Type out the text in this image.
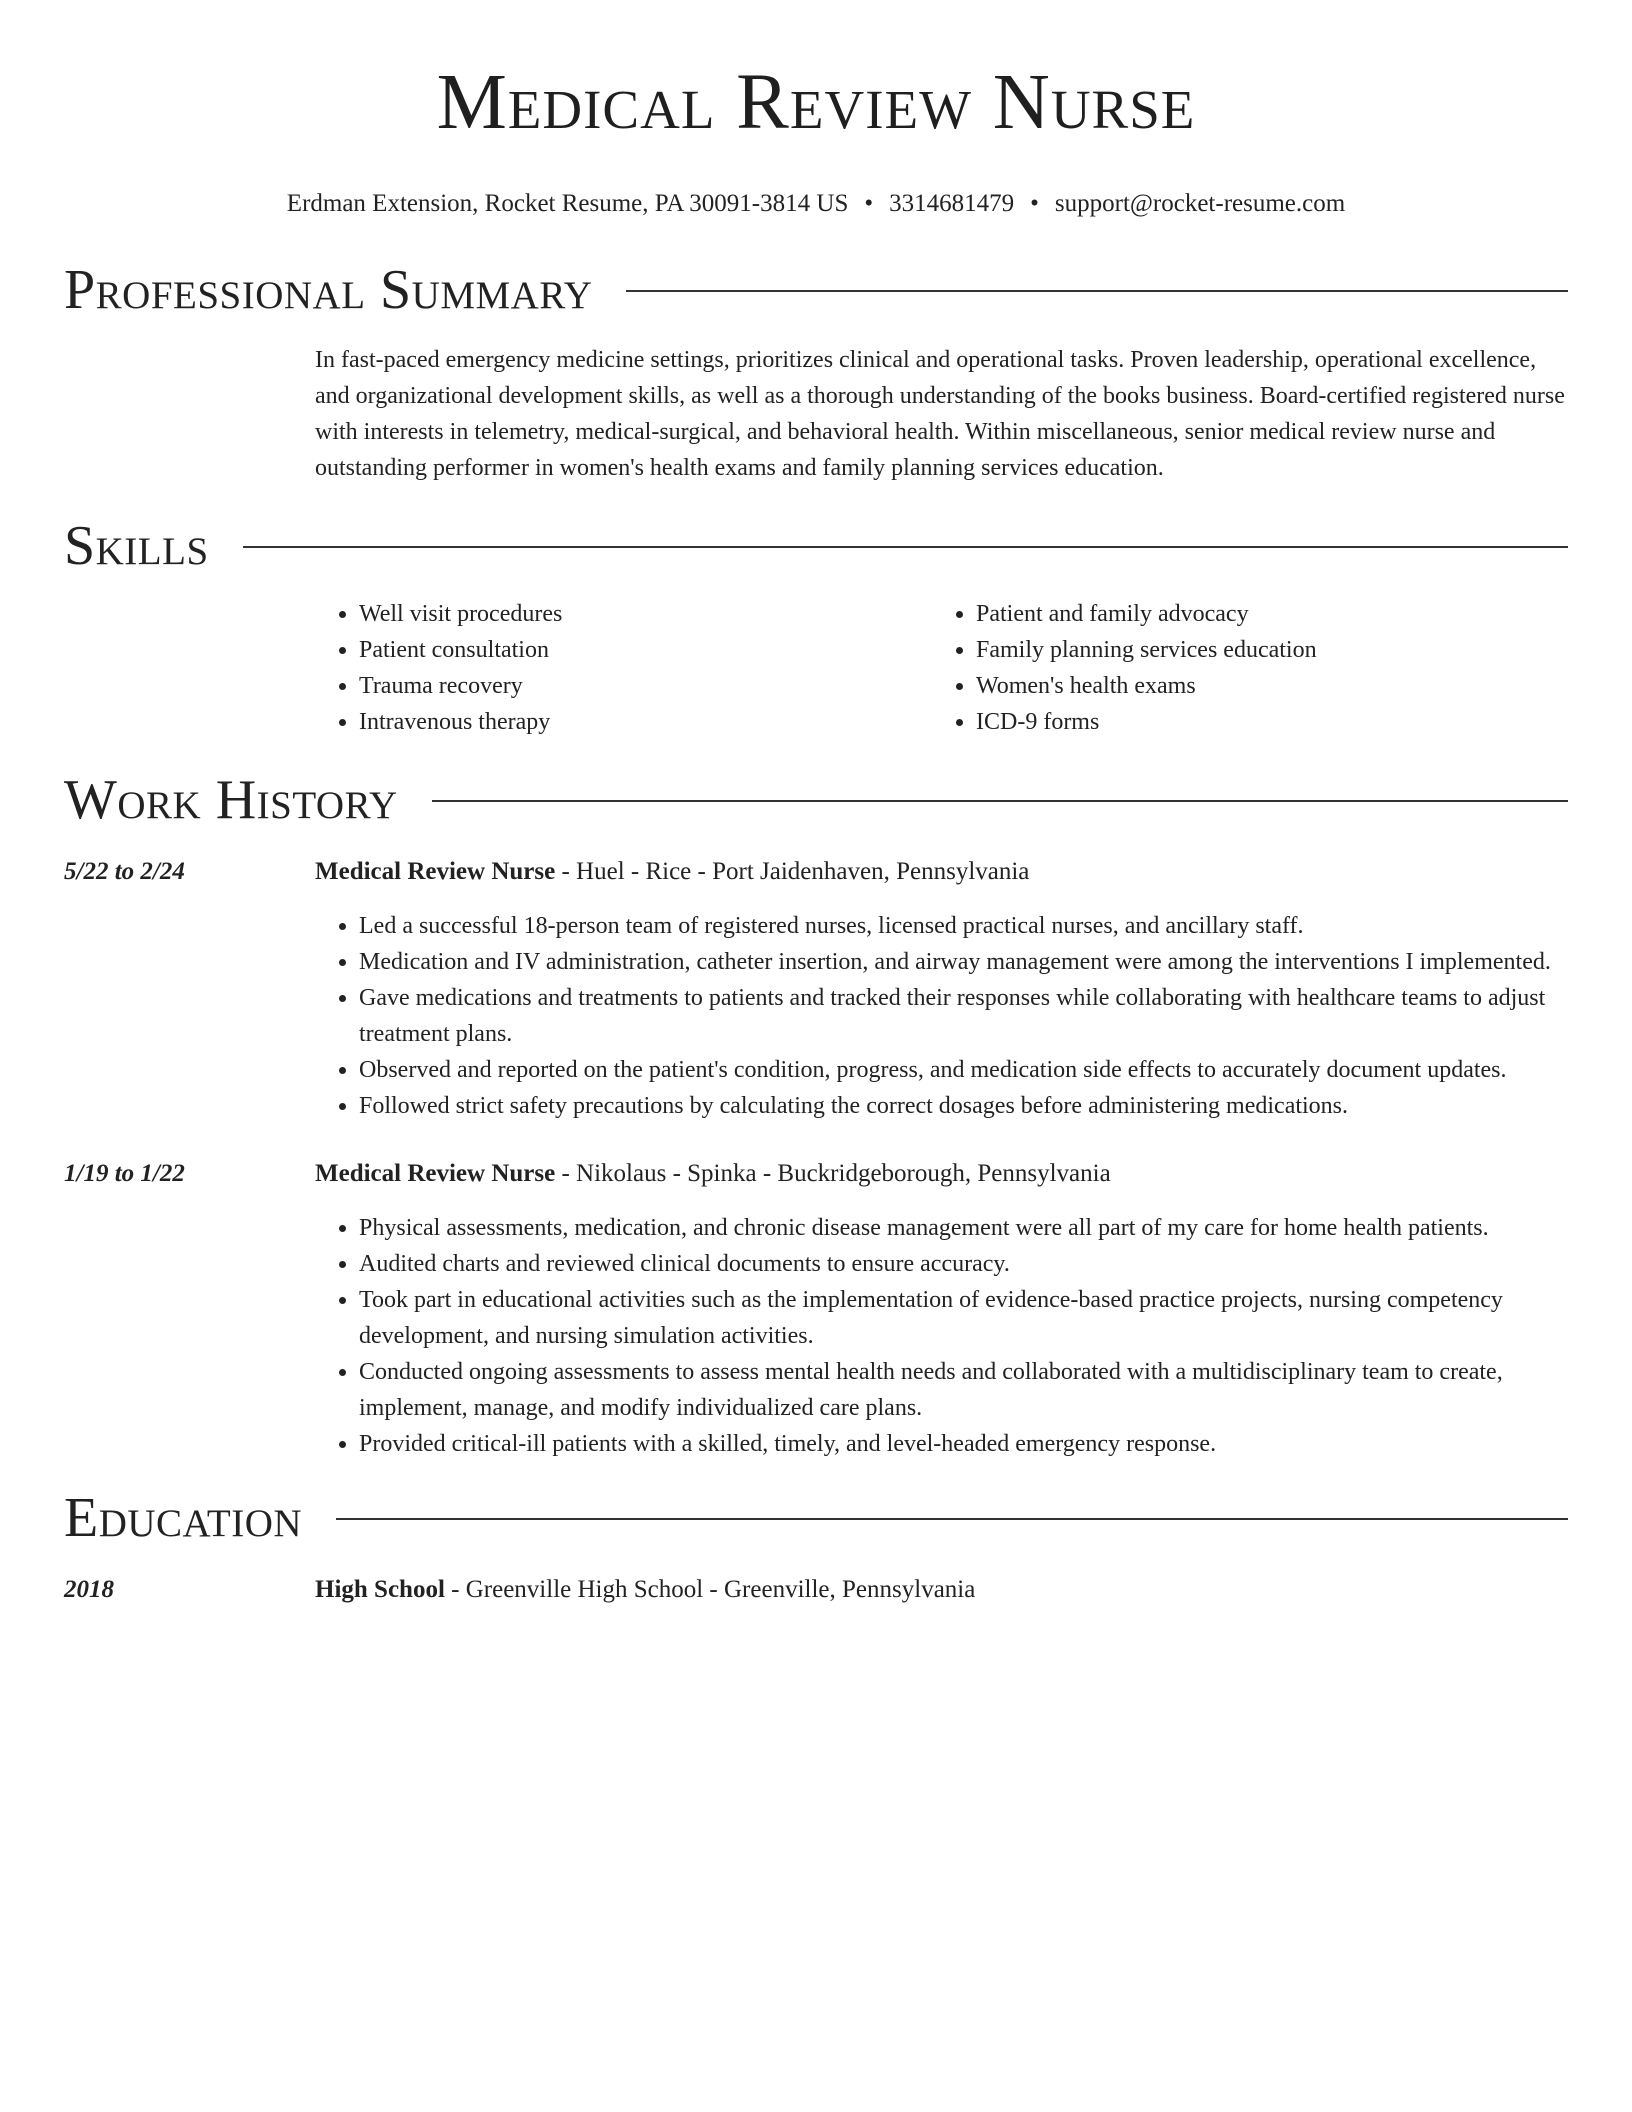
Medical Review Nurse
Erdman Extension, Rocket Resume, PA 30091-3814 US • 3314681479 • support@rocket-resume.com
Professional Summary

In fast-paced emergency medicine settings, prioritizes clinical and operational tasks. Proven leadership, operational excellence, and organizational development skills, as well as a thorough understanding of the books business. Board-certified registered nurse with interests in telemetry, medical-surgical, and behavioral health. Within miscellaneous, senior medical review nurse and outstanding performer in women's health exams and family planning services education.

Skills
• Well visit procedures
• Patient consultation
• Trauma recovery
• Intravenous therapy
• Patient and family advocacy
• Family planning services education
• Women's health exams
• ICD-9 forms
Work History
5/22 to 2/24	Medical Review Nurse - Huel - Rice - Port Jaidenhaven, Pennsylvania
• Led a successful 18-person team of registered nurses, licensed practical nurses, and ancillary staff.
• Medication and IV administration, catheter insertion, and airway management were among the interventions I implemented.
• Gave medications and treatments to patients and tracked their responses while collaborating with healthcare teams to adjust treatment plans.
• Observed and reported on the patient's condition, progress, and medication side effects to accurately document updates.
• Followed strict safety precautions by calculating the correct dosages before administering medications.
1/19 to 1/22	Medical Review Nurse - Nikolaus - Spinka - Buckridgeborough, Pennsylvania
• Physical assessments, medication, and chronic disease management were all part of my care for home health patients.
• Audited charts and reviewed clinical documents to ensure accuracy.
• Took part in educational activities such as the implementation of evidence-based practice projects, nursing competency development, and nursing simulation activities.
• Conducted ongoing assessments to assess mental health needs and collaborated with a multidisciplinary team to create, implement, manage, and modify individualized care plans.
• Provided critical-ill patients with a skilled, timely, and level-headed emergency response.
Education
2018	High School - Greenville High School - Greenville, Pennsylvania
